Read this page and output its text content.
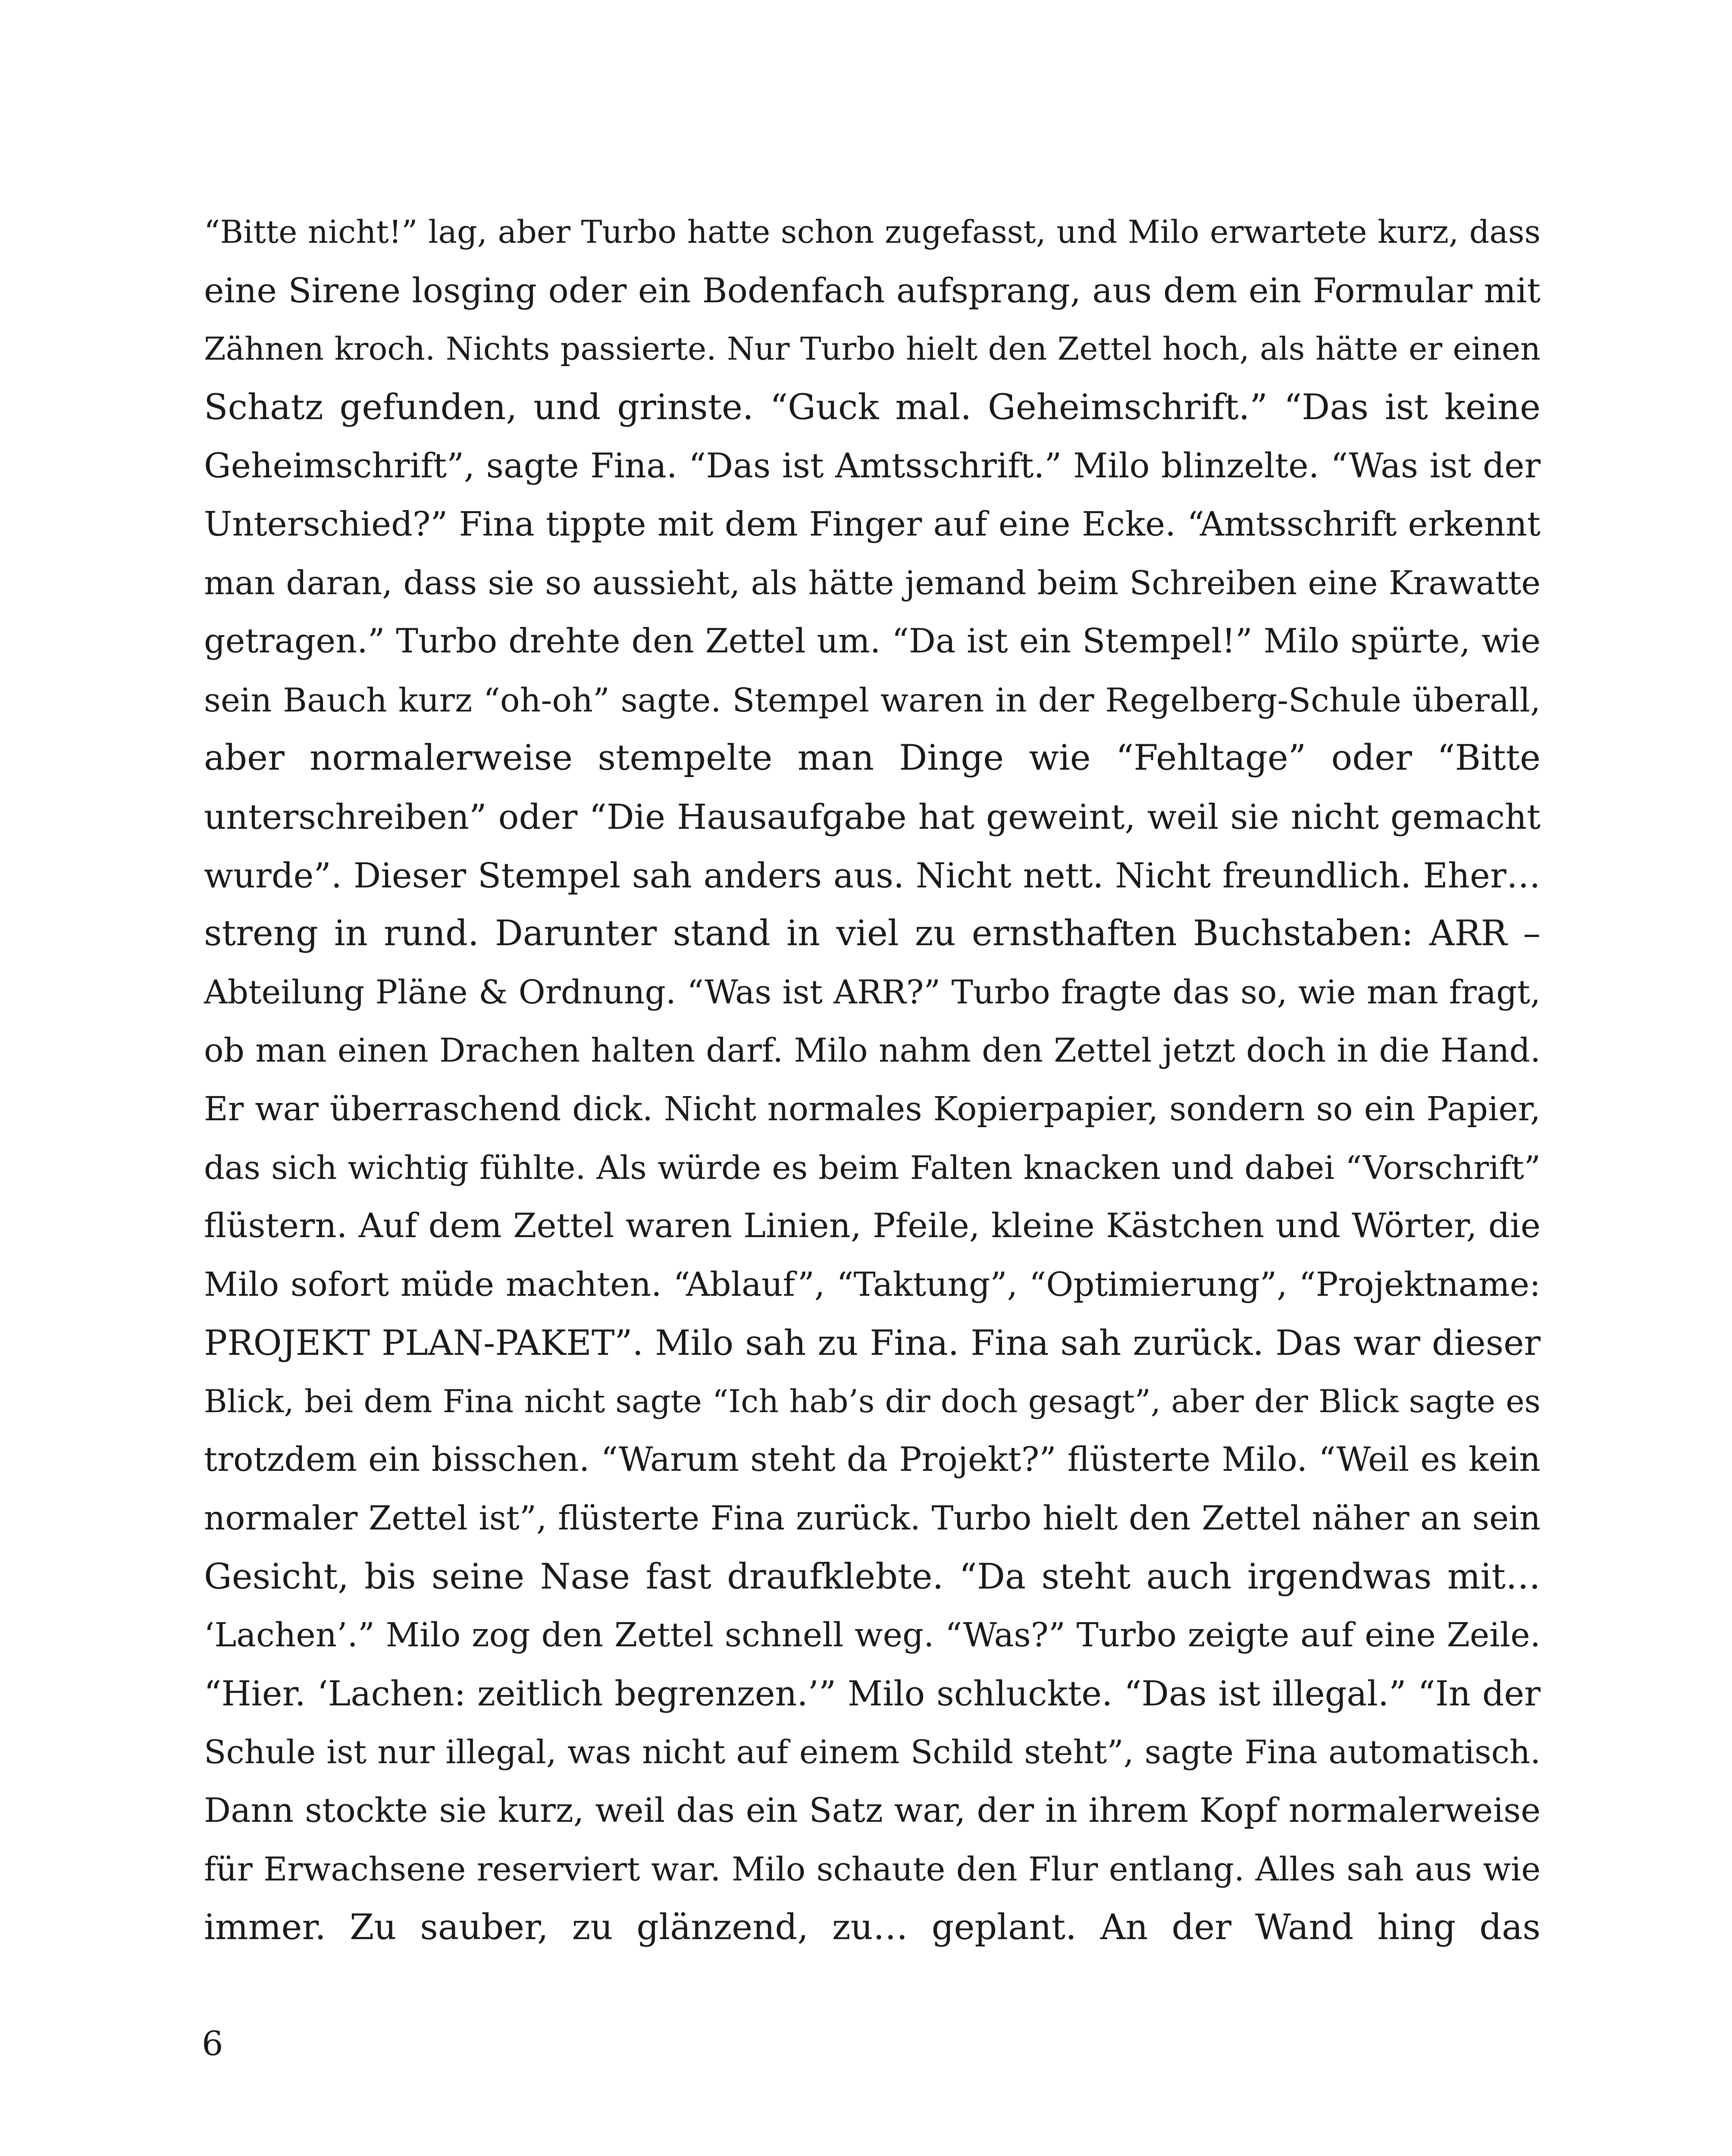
“Bitte nicht!” lag, aber Turbo hatte schon zugefasst, und Milo erwartete kurz, dass
eine Sirene losging oder ein Bodenfach aufsprang, aus dem ein Formular mit
Zähnen kroch. Nichts passierte. Nur Turbo hielt den Zettel hoch, als hätte er einen
Schatz gefunden, und grinste. “Guck mal. Geheimschrift.” “Das ist keine
Geheimschrift”, sagte Fina. “Das ist Amtsschrift.” Milo blinzelte. “Was ist der
Unterschied?” Fina tippte mit dem Finger auf eine Ecke. “Amtsschrift erkennt
man daran, dass sie so aussieht, als hätte jemand beim Schreiben eine Krawatte
getragen.” Turbo drehte den Zettel um. “Da ist ein Stempel!” Milo spürte, wie
sein Bauch kurz “oh-oh” sagte. Stempel waren in der Regelberg-Schule überall,
aber normalerweise stempelte man Dinge wie “Fehltage” oder “Bitte
unterschreiben” oder “Die Hausaufgabe hat geweint, weil sie nicht gemacht
wurde”. Dieser Stempel sah anders aus. Nicht nett. Nicht freundlich. Eher…
streng in rund. Darunter stand in viel zu ernsthaften Buchstaben: ARR –
Abteilung Pläne & Ordnung. “Was ist ARR?” Turbo fragte das so, wie man fragt,
ob man einen Drachen halten darf. Milo nahm den Zettel jetzt doch in die Hand.
Er war überraschend dick. Nicht normales Kopierpapier, sondern so ein Papier,
das sich wichtig fühlte. Als würde es beim Falten knacken und dabei “Vorschrift”
flüstern. Auf dem Zettel waren Linien, Pfeile, kleine Kästchen und Wörter, die
Milo sofort müde machten. “Ablauf”, “Taktung”, “Optimierung”, “Projektname:
PROJEKT PLAN-PAKET”. Milo sah zu Fina. Fina sah zurück. Das war dieser
Blick, bei dem Fina nicht sagte “Ich hab’s dir doch gesagt”, aber der Blick sagte es
trotzdem ein bisschen. “Warum steht da Projekt?” flüsterte Milo. “Weil es kein
normaler Zettel ist”, flüsterte Fina zurück. Turbo hielt den Zettel näher an sein
Gesicht, bis seine Nase fast draufklebte. “Da steht auch irgendwas mit…
‘Lachen’.” Milo zog den Zettel schnell weg. “Was?” Turbo zeigte auf eine Zeile.
“Hier. ‘Lachen: zeitlich begrenzen.’” Milo schluckte. “Das ist illegal.” “In der
Schule ist nur illegal, was nicht auf einem Schild steht”, sagte Fina automatisch.
Dann stockte sie kurz, weil das ein Satz war, der in ihrem Kopf normalerweise
für Erwachsene reserviert war. Milo schaute den Flur entlang. Alles sah aus wie
immer. Zu sauber, zu glänzend, zu… geplant. An der Wand hing das
6
